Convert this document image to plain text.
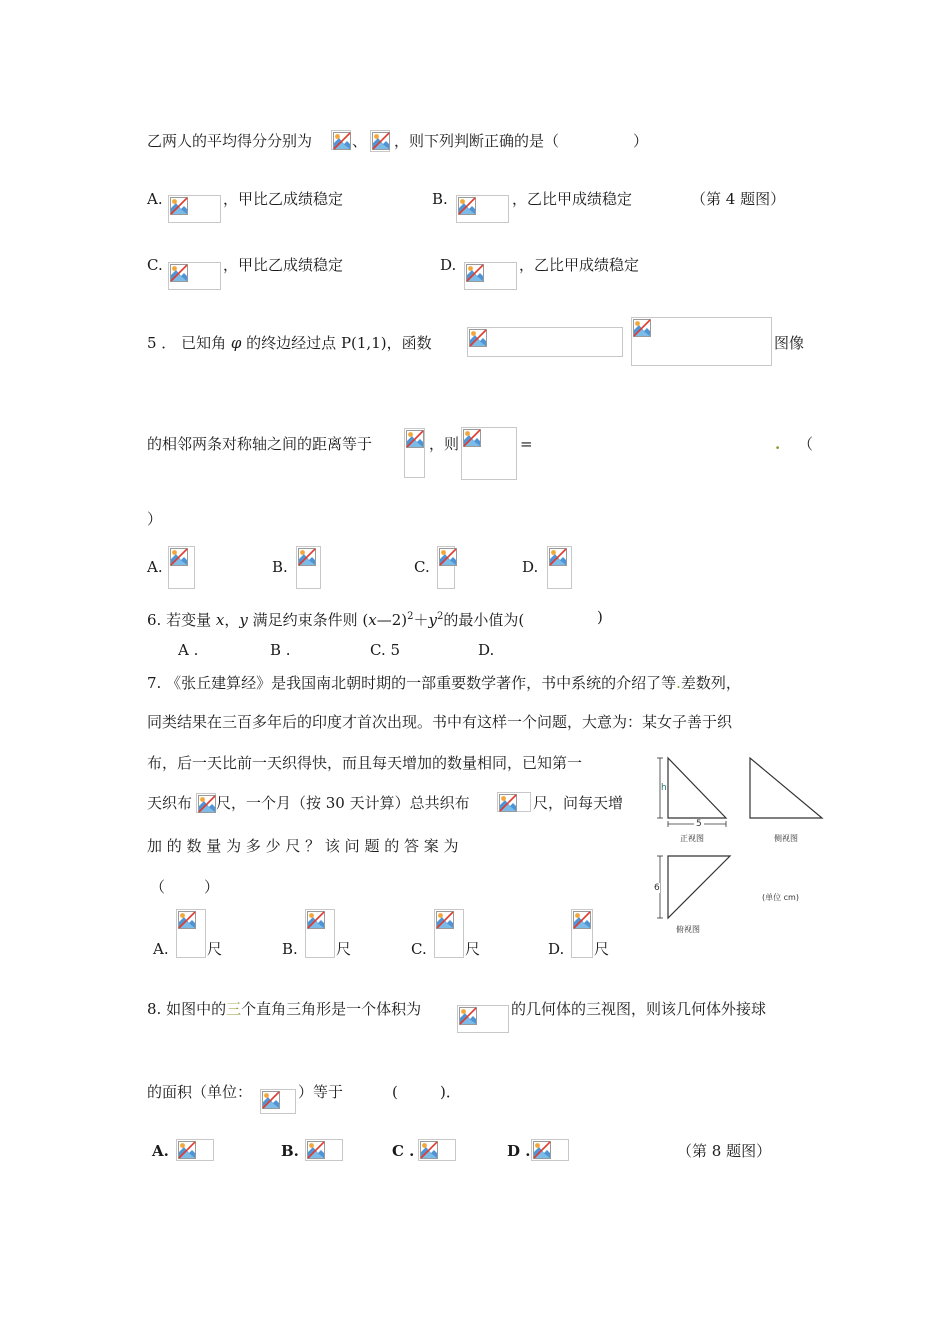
乙两人的平均得分分别为	、 ，则下列判断正确的是（	）
A.	，甲比乙成绩稳定	B.	，乙比甲成绩稳定	（第 4 题图）
C.	，甲比乙成绩稳定	D.	，乙比甲成绩稳定
5 ． 已知角 φ 的终边经过点 P(1,1)，函数	图像
的相邻两条对称轴之间的距离等于	，则	=	. （
）
A.	B.	C.	D.
6. 若变量 x，y 满足约束条件则 $(x—2)^2+y^2$的最小值为(	)
A .	B .	C. 5	D.
7. 《张丘建算经》是我国南北朝时期的一部重要数学著作，书中系统的介绍了等.差数列，
同类结果在三百多年后的印度才首次出现。书中有这样一个问题，大意为：某女子善于织
布，后一天比前一天织得快，而且每天增加的数量相同，已知第一
天织布 尺，一个月（按 30 天计算）总共织布	尺，问每天增
加 的 数 量 为 多 少 尺 ？ 该 问 题 的 答 案 为
（	）
A.	尺	B.	尺	C.	尺	D. 尺
h
5
6
正视图	侧视图
俯视图
(单位 cm)
8. 如图中的三个直角三角形是一个体积为	的几何体的三视图，则该几何体外接球
的面积（单位：	）等于	(	)．
A.	B.	C .	D .	（第 8 题图）
